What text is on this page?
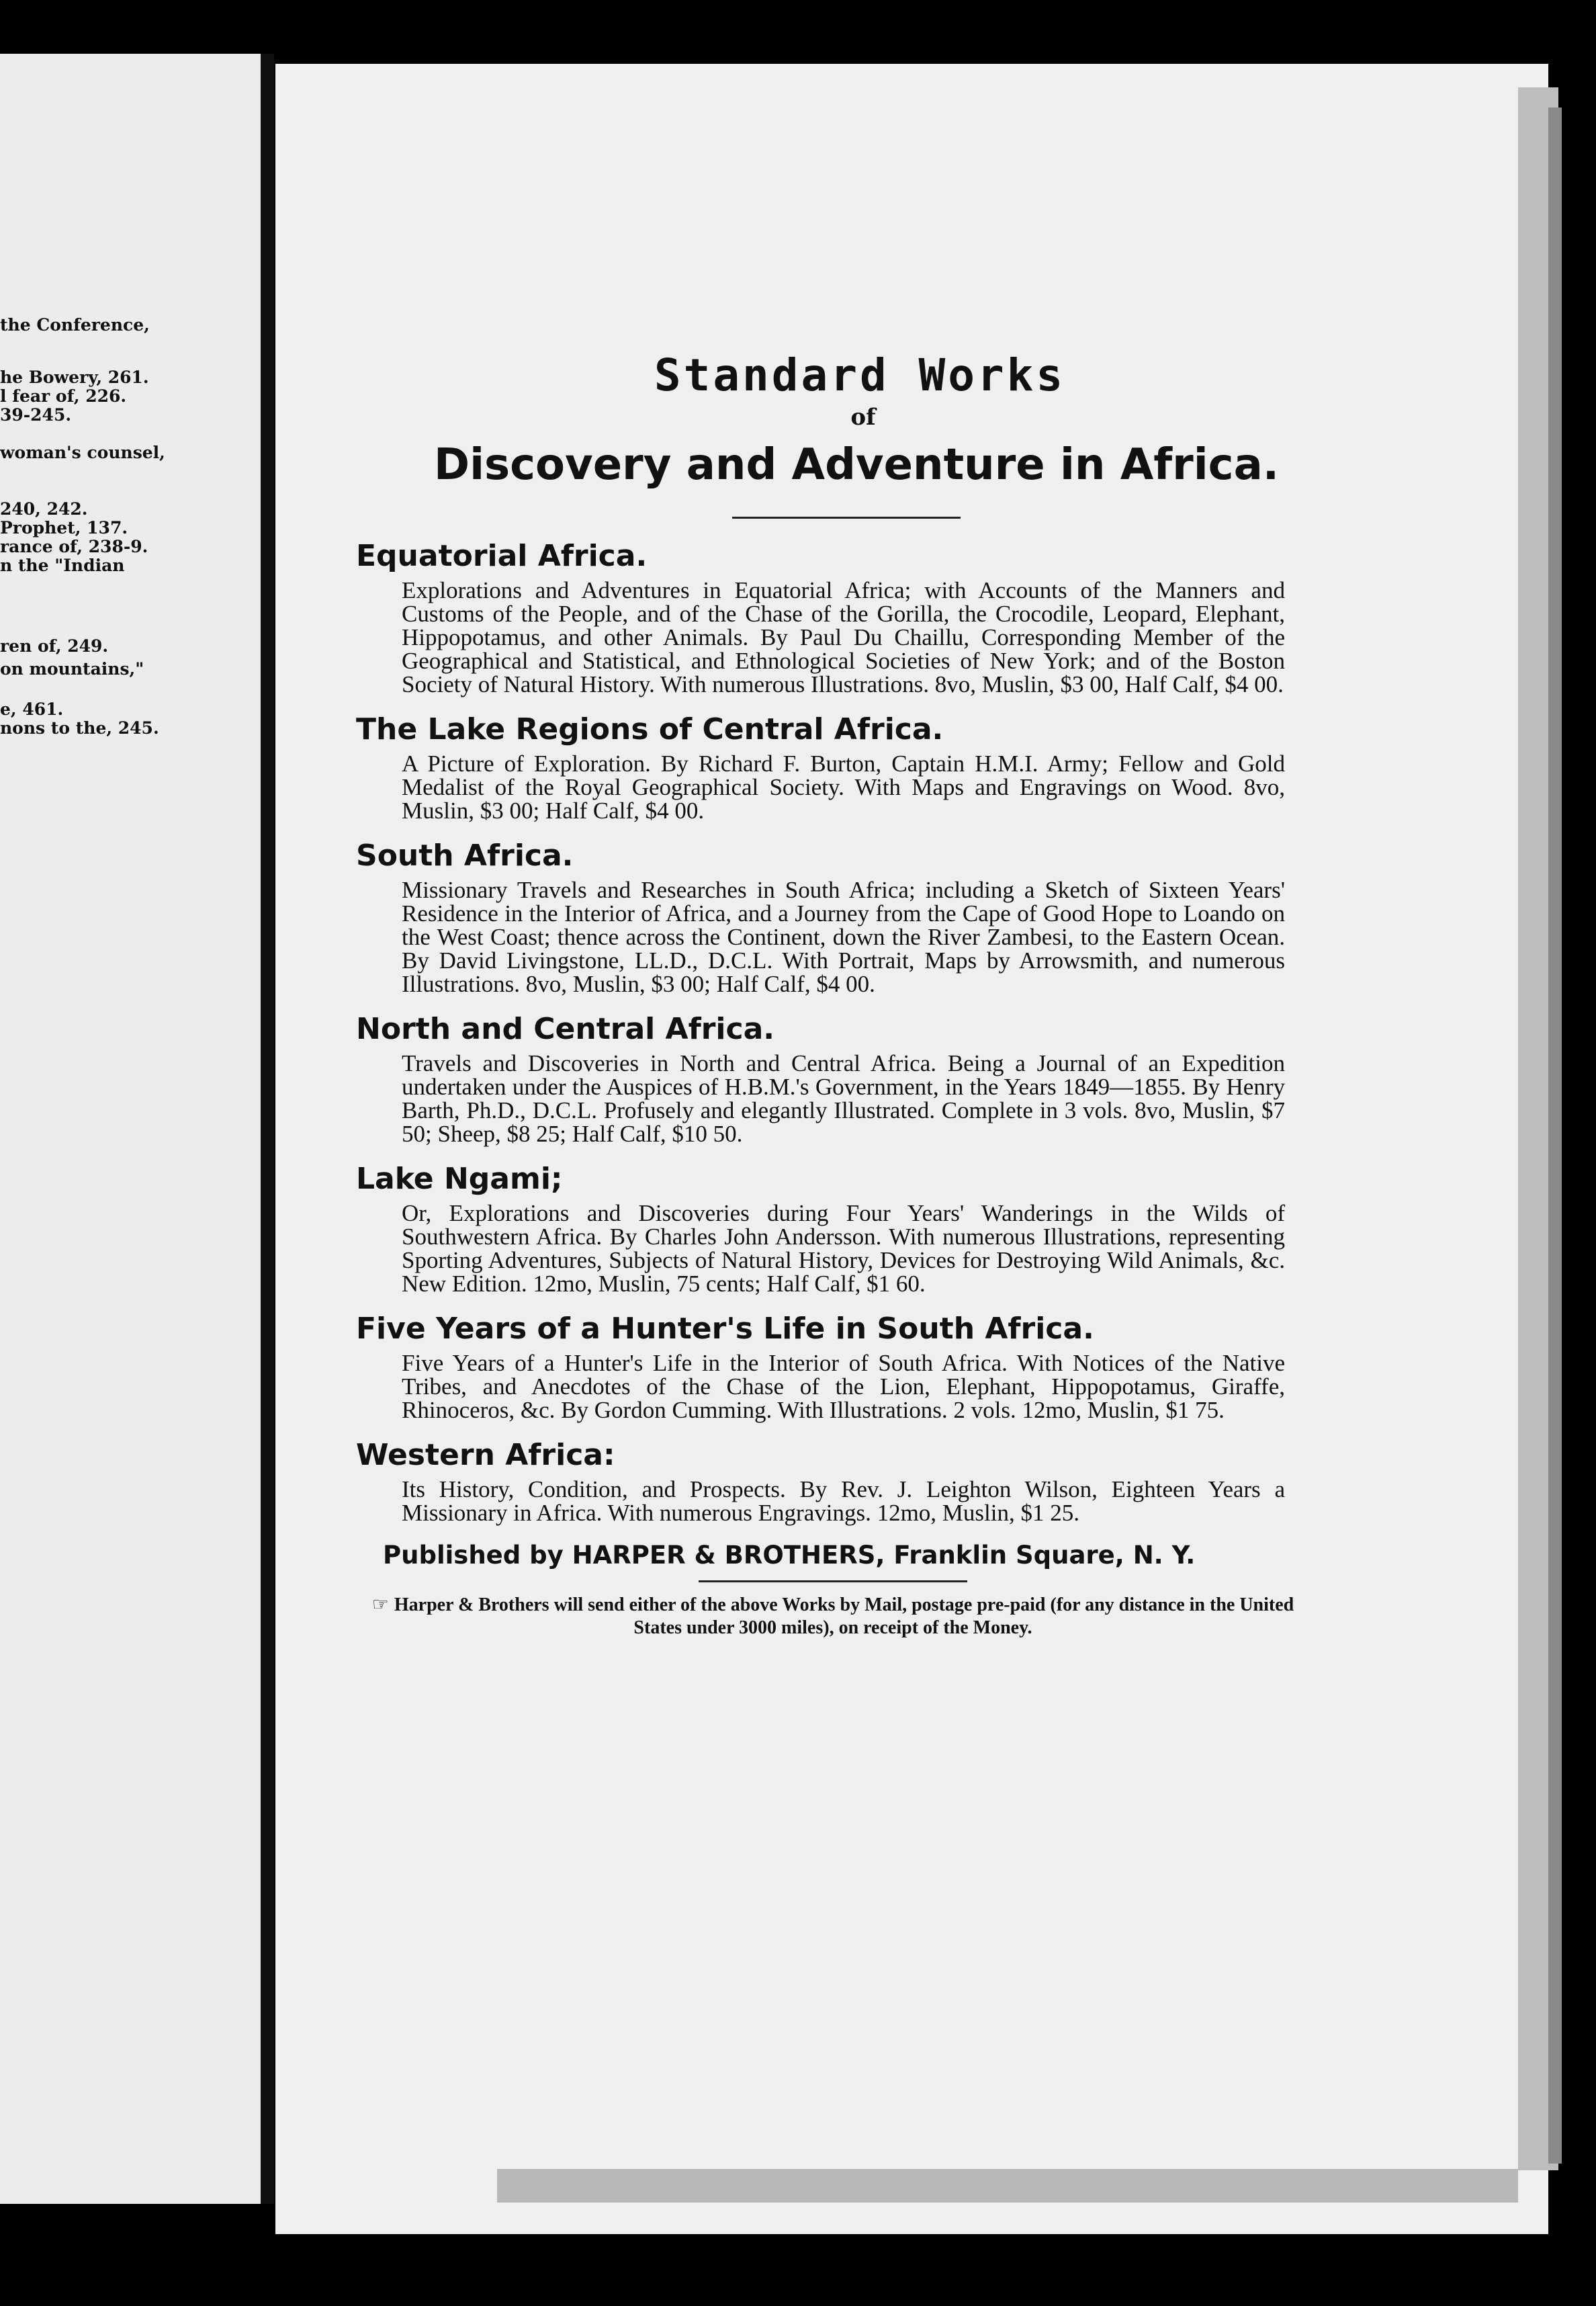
the Conference,
he Bowery, 261.
l fear of, 226.
39-245.
woman's counsel,
240, 242.
Prophet, 137.
rance of, 238-9.
n the "Indian
ren of, 249.
on mountains,"
e, 461.
nons to the, 245.
Standard Works
of
Discovery and Adventure in Africa.
Equatorial Africa.
Explorations and Adventures in Equatorial Africa; with Accounts of the Manners and Customs of the People, and of the Chase of the Gorilla, the Crocodile, Leopard, Elephant, Hippopotamus, and other Animals. By Paul Du Chaillu, Corresponding Member of the Geographical and Statistical, and Ethnological Societies of New York; and of the Boston Society of Natural History. With numerous Illustrations. 8vo, Muslin, $3 00, Half Calf, $4 00.
The Lake Regions of Central Africa.
A Picture of Exploration. By Richard F. Burton, Captain H.M.I. Army; Fellow and Gold Medalist of the Royal Geographical Society. With Maps and Engravings on Wood. 8vo, Muslin, $3 00; Half Calf, $4 00.
South Africa.
Missionary Travels and Researches in South Africa; including a Sketch of Sixteen Years' Residence in the Interior of Africa, and a Journey from the Cape of Good Hope to Loando on the West Coast; thence across the Continent, down the River Zambesi, to the Eastern Ocean. By David Livingstone, LL.D., D.C.L. With Portrait, Maps by Arrowsmith, and numerous Illustrations. 8vo, Muslin, $3 00; Half Calf, $4 00.
North and Central Africa.
Travels and Discoveries in North and Central Africa. Being a Journal of an Expedition undertaken under the Auspices of H.B.M.'s Government, in the Years 1849—1855. By Henry Barth, Ph.D., D.C.L. Profusely and elegantly Illustrated. Complete in 3 vols. 8vo, Muslin, $7 50; Sheep, $8 25; Half Calf, $10 50.
Lake Ngami;
Or, Explorations and Discoveries during Four Years' Wanderings in the Wilds of Southwestern Africa. By Charles John Andersson. With numerous Illustrations, representing Sporting Adventures, Subjects of Natural History, Devices for Destroying Wild Animals, &c. New Edition. 12mo, Muslin, 75 cents; Half Calf, $1 60.
Five Years of a Hunter's Life in South Africa.
Five Years of a Hunter's Life in the Interior of South Africa. With Notices of the Native Tribes, and Anecdotes of the Chase of the Lion, Elephant, Hippopotamus, Giraffe, Rhinoceros, &c. By Gordon Cumming. With Illustrations. 2 vols. 12mo, Muslin, $1 75.
Western Africa:
Its History, Condition, and Prospects. By Rev. J. Leighton Wilson, Eighteen Years a Missionary in Africa. With numerous Engravings. 12mo, Muslin, $1 25.
Published by HARPER & BROTHERS, Franklin Square, N. Y.
☞ Harper & Brothers will send either of the above Works by Mail, postage pre-paid (for any distance in the United States under 3000 miles), on receipt of the Money.
